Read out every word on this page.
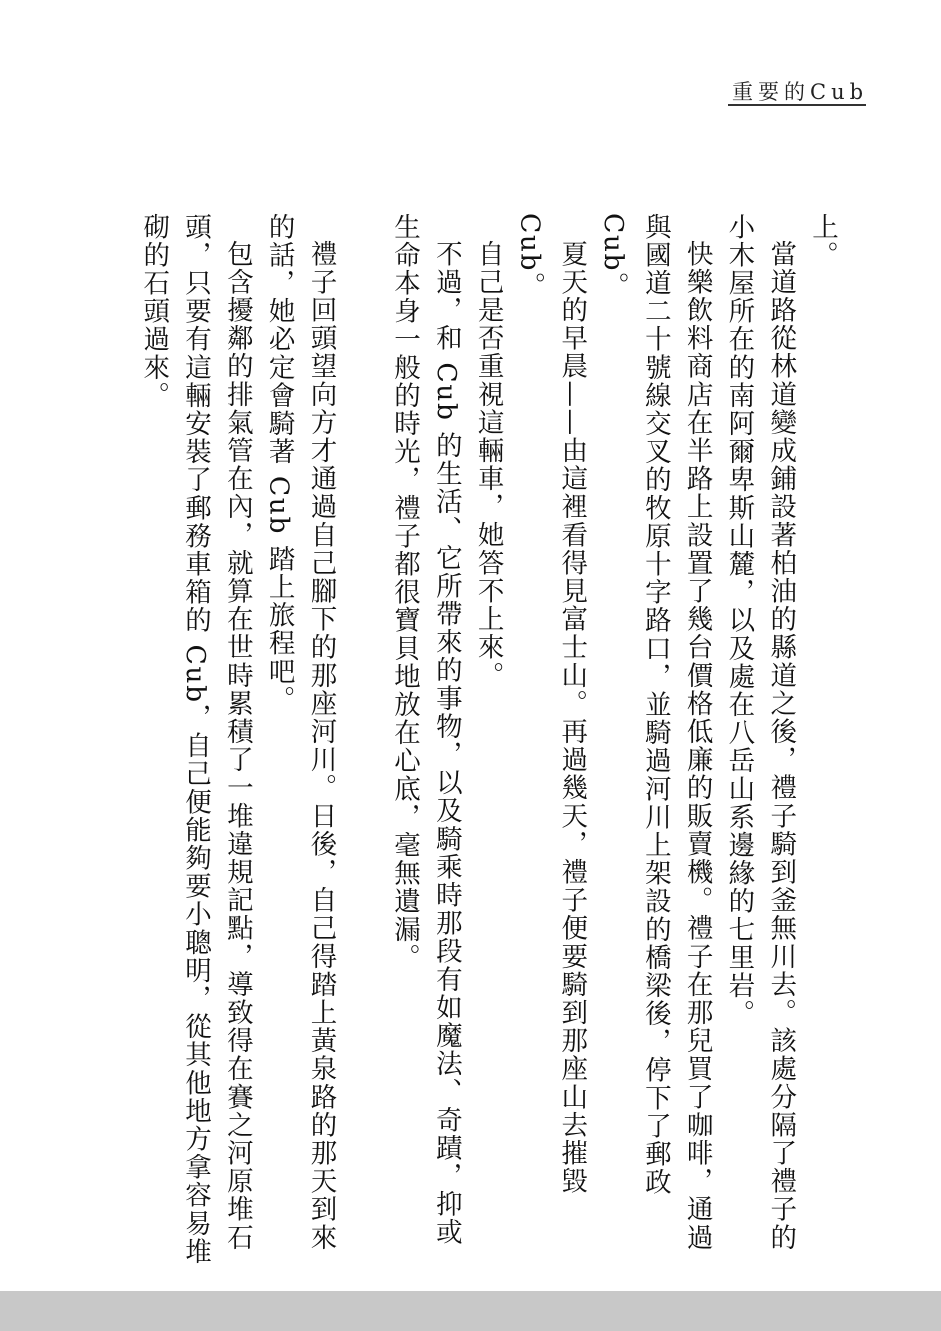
重要的Cub

上。

當道路從林道變成鋪設著柏油的縣道之後，禮子騎到釜無川去。該處分隔了禮子的小木屋所在的南阿爾卑斯山麓，以及處在八岳山系邊緣的七里岩。

快樂飲料商店在半路上設置了幾台價格低廉的販賣機。禮子在那兒買了咖啡，通過與國道二十號線交叉的牧原十字路口，並騎過河川上架設的橋梁後，停下了郵政 Cub。

夏天的早晨——由這裡看得見富士山。再過幾天，禮子便要騎到那座山去摧毀 Cub。

自己是否重視這輛車，她答不上來。

不過，和 Cub 的生活、它所帶來的事物，以及騎乘時那段有如魔法、奇蹟，抑或生命本身一般的時光，禮子都很寶貝地放在心底，毫無遺漏。

禮子回頭望向方才通過自己腳下的那座河川。日後，自己得踏上黃泉路的那天到來的話，她必定會騎著 Cub 踏上旅程吧。

包含擾鄰的排氣管在內，就算在世時累積了一堆違規記點，導致得在賽之河原堆石頭，只要有這輛安裝了郵務車箱的 Cub，自己便能夠要小聰明，從其他地方拿容易堆砌的石頭過來。
